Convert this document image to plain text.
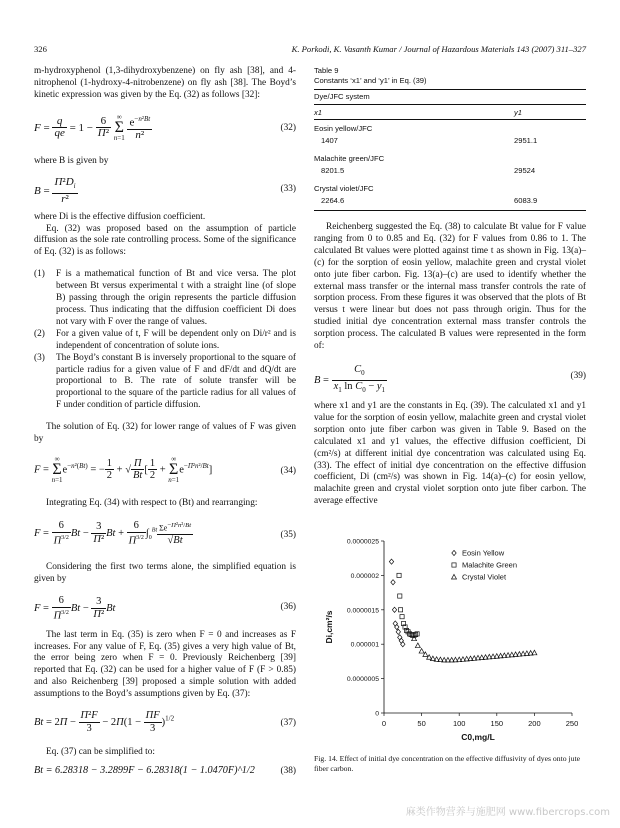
326	K. Porkodi, K. Vasanth Kumar / Journal of Hazardous Materials 143 (2007) 311–327

m-hydroxyphenol (1,3-dihydroxybenzene) on fly ash [38], and 4-nitrophenol (1-hydroxy-4-nitrobenzene) on fly ash [38]. The Boyd’s kinetic expression was given by the Eq. (32) as follows [32]:

$F = \frac{q}{qe} = 1 - \frac{6}{\text{Π²}}$ ∞
Σ
$n=1 \frac{e^{-n^2Bt}}{\text{n²}}$	(32)

where B is given by

$B = \frac{\Pi^2D_i}{\text{r²}}$	(33)

where Di is the effective diffusion coefficient.

Eq. (32) was proposed based on the assumption of particle diffusion as the sole rate controlling process. Some of the significance of Eq. (32) is as follows:

(1) F is a mathematical function of Bt and vice versa. The plot between Bt versus experimental t with a straight line (of slope B) passing through the origin represents the particle diffusion process. Thus indicating that the diffusion coefficient Di does not vary with F over the range of values.
(2) For a given value of t, F will be dependent only on Di/r² and is independent of concentration of solute ions.
(3) The Boyd’s constant B is inversely proportional to the square of particle radius for a given value of F and dF/dt and dQ/dt are proportional to B. The rate of solute transfer will be proportional to the square of the particle radius for all values of F under condition of particle diffusion.

The solution of Eq. (32) for lower range of values of F was given by

F = ∞
Σ
$n=1e^{-n^2(Bt)}$ = − $\frac{1}{2}$ + √ $\frac{\Pi}{Bt}$ [ $\frac{1}{2}$ + ∞
Σ
$n=1e^{-\Pi^2n^2/Bt}$]	(34)

Integrating Eq. (34) with respect to (Bt) and rearranging:

$F = \frac{6}{\Pi^{3/2}}$ $Bt - \frac{3}{\text{Π²}}$ $Bt + \frac{6}{\Pi^{3/2}} \int_0^{Bt} \frac{\Sigma e^{-\Pi^2n^2/Bt}}{√Bt}$	(35)

Considering the first two terms alone, the simplified equation is given by

$F = \frac{6}{\Pi^{3/2}}$ $Bt - \frac{3}{\text{Π²}}$ Bt	(36)

The last term in Eq. (35) is zero when F = 0 and increases as F increases. For any value of F, Eq. (35) gives a very high value of Bt, the error being zero when F = 0. Previously Reichenberg [39] reported that Eq. (32) can be used for a higher value of F (F > 0.85) and also Reichenberg [39] proposed a simple solution with added assumptions to the Boyd’s assumptions given by Eq. (37):

$Bt = 2\Pi - \frac{\text{Π²F}}{3} - 2\Pi(1 - \frac{\Pi F}{3} )^{1/2}$	(37)

Eq. (37) can be simplified to:

Bt = 6.28318 − 3.2899F − 6.28318(1 − 1.0470F)^1/2	(38)
Table 9
Constants ‘x1’ and ‘y1’ in Eq. (39)
Dye/JFC system
x1	y1
Eosin yellow/JFC
1407	2951.1
Malachite green/JFC
8201.5	29524
Crystal violet/JFC
2264.6	6083.9

Reichenberg suggested the Eq. (38) to calculate Bt value for F value ranging from 0 to 0.85 and Eq. (32) for F values from 0.86 to 1. The calculated Bt values were plotted against time t as shown in Fig. 13(a)–(c) for the sorption of eosin yellow, malachite green and crystal violet onto jute fiber carbon. Fig. 13(a)–(c) are used to identify whether the external mass transfer or the internal mass transfer controls the rate of sorption process. From these figures it was observed that the plots of Bt versus t were linear but does not pass through origin. Thus for the studied initial dye concentration external mass transfer controls the sorption process. The calculated B values were represented in the form of:

$B = \frac{C_0}{x_1 \ln C_0 - y_1}$	(39)

where x1 and y1 are the constants in Eq. (39). The calculated x1 and y1 value for the sorption of eosin yellow, malachite green and crystal violet sorption onto jute fiber carbon was given in Table 9. Based on the calculated x1 and y1 values, the effective diffusion coefficient, Di (cm²/s) at different initial dye concentration was calculated using Eq. (33). The effect of initial dye concentration on the effective diffusion coefficient, Di (cm²/s) was shown in Fig. 14(a)–(c) for eosin yellow, malachite green and crystal violet sorption onto jute fiber carbon. The average effective

0	50	100	150	200	250
0
0.0000005
0.000001
0.0000015
0.000002
0.0000025
C0,mg/L
Di,cm²/s
Eosin Yellow
Malachite Green
Crystal Violet
Fig. 14. Effect of initial dye concentration on the effective diffusivity of dyes onto jute fiber carbon.
麻类作物营养与施肥网 www.fibercrops.com
